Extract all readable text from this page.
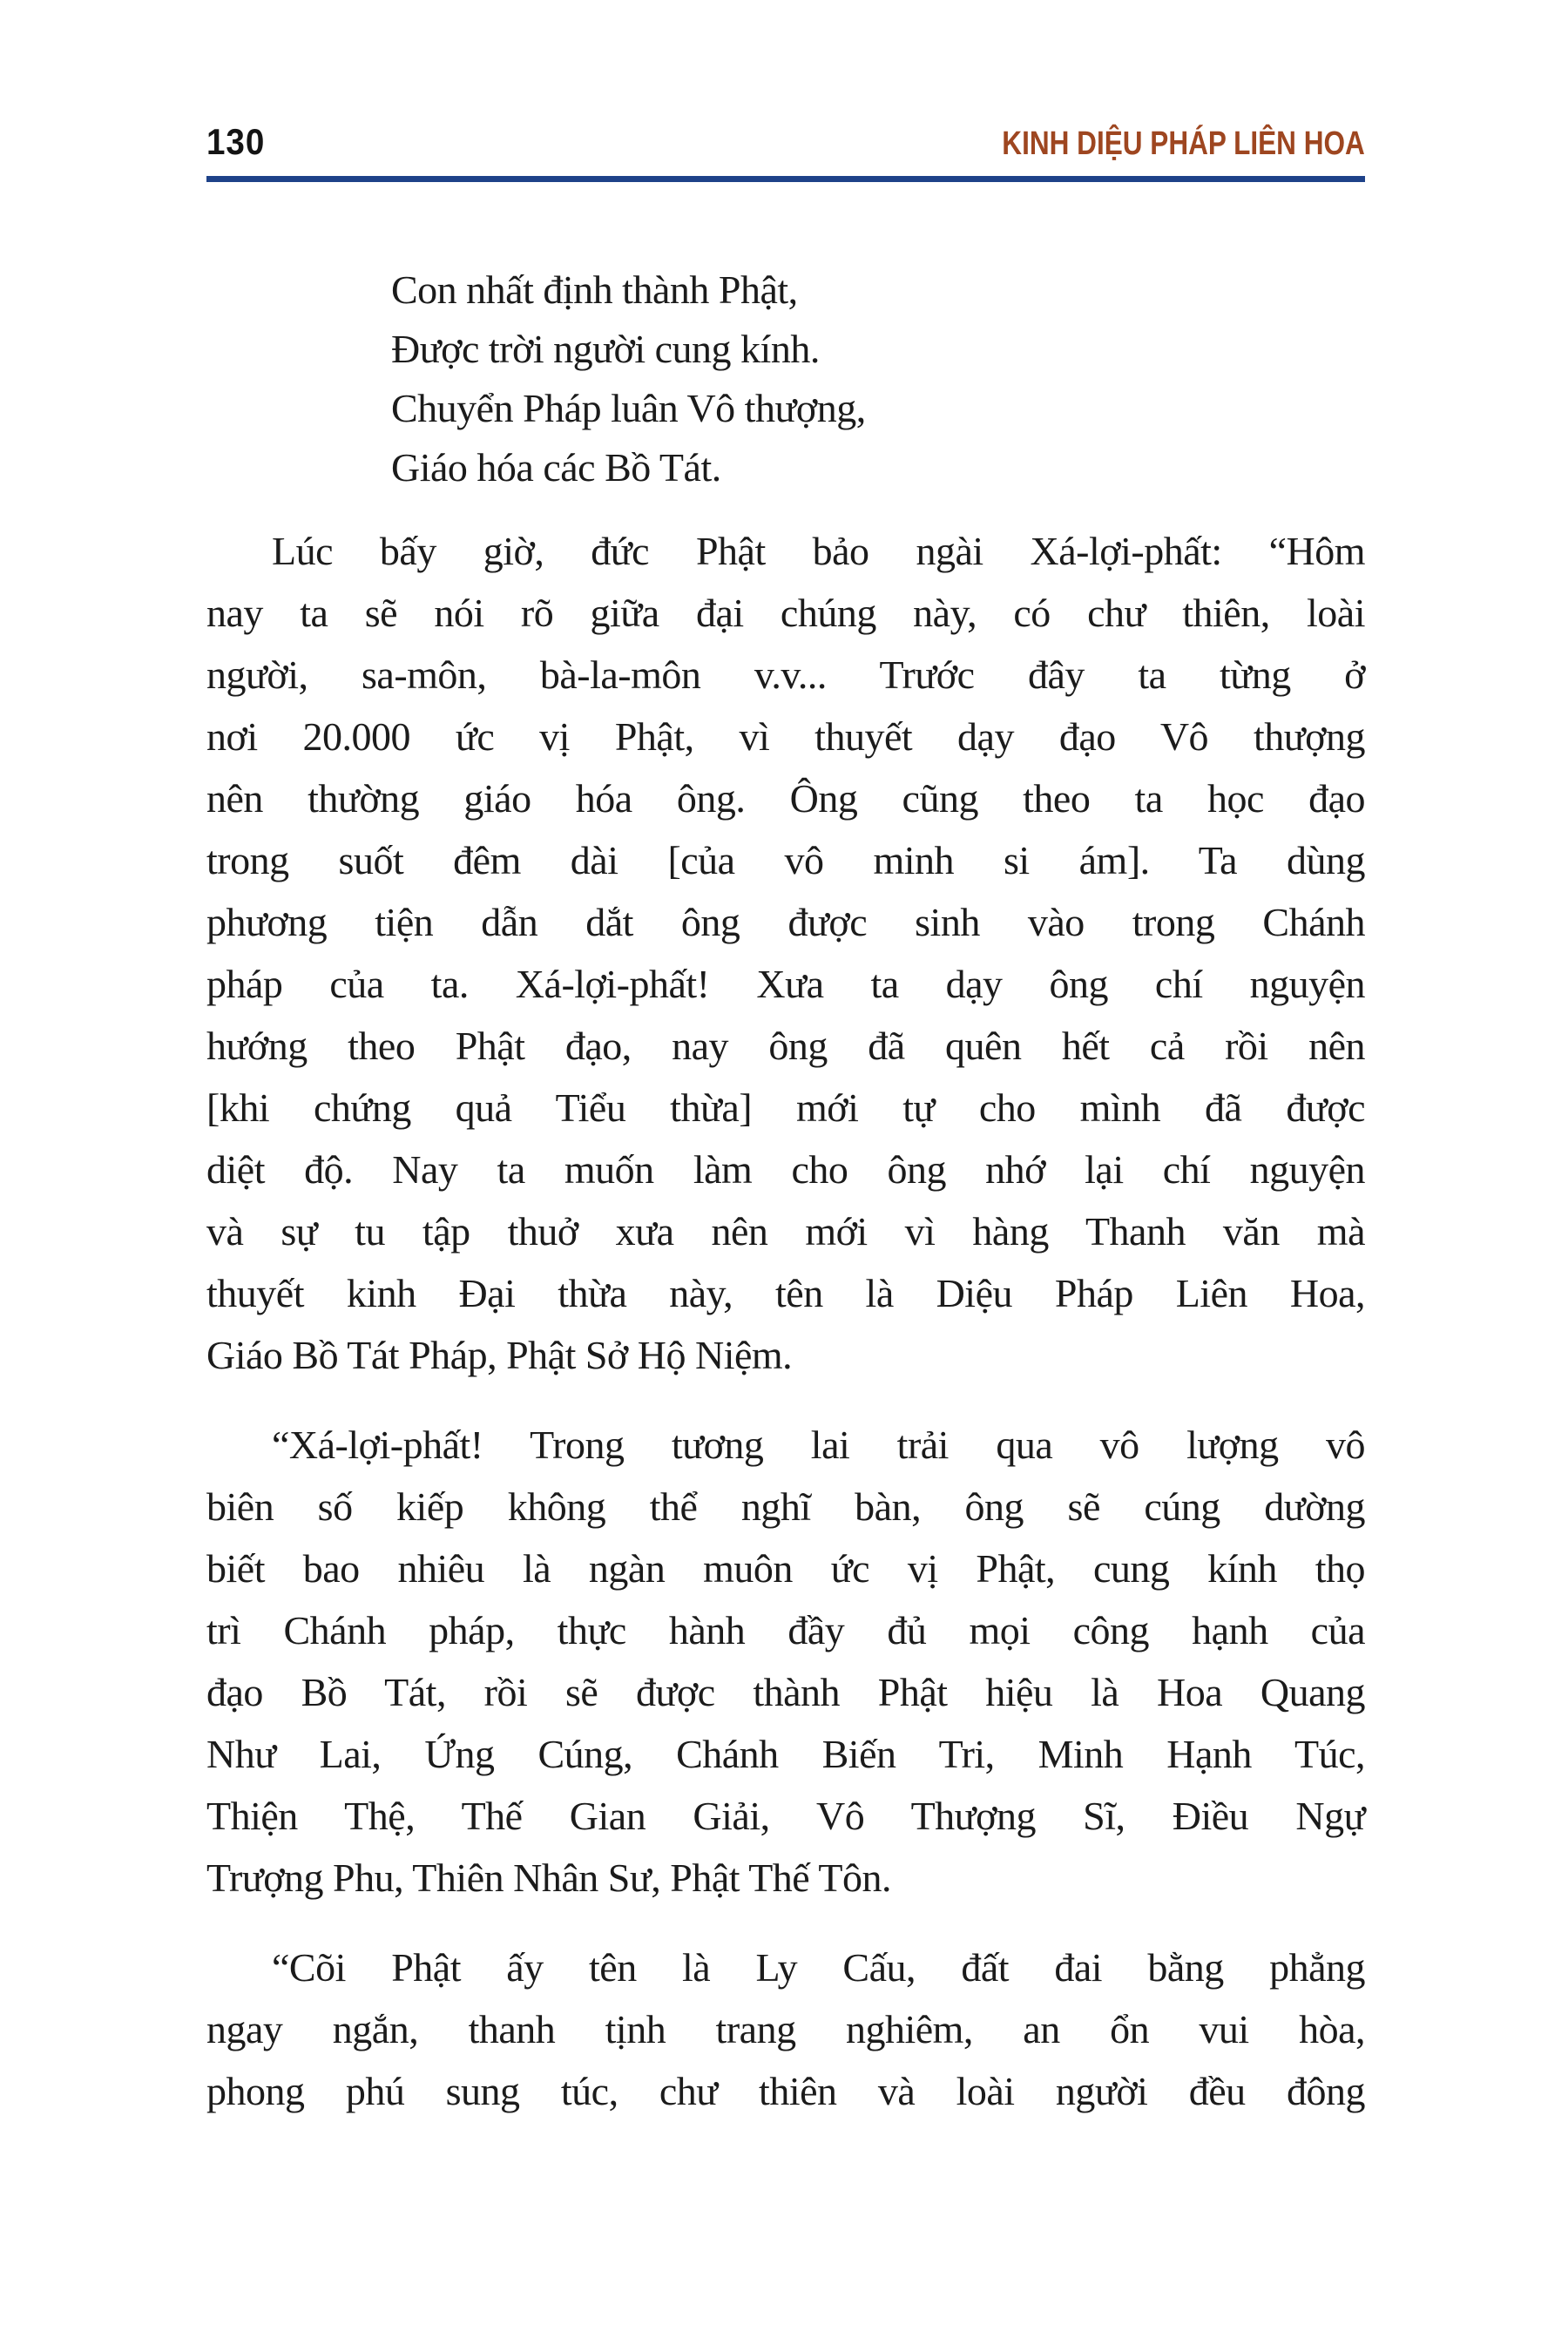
130	KINH DIỆU PHÁP LIÊN HOA
Con nhất định thành Phật,
Được trời người cung kính.
Chuyển Pháp luân Vô thượng,
Giáo hóa các Bồ Tát.
Lúc bấy giờ, đức Phật bảo ngài Xá-lợi-phất: “Hôm
nay ta sẽ nói rõ giữa đại chúng này, có chư thiên, loài
người, sa-môn, bà-la-môn v.v... Trước đây ta từng ở
nơi 20.000 ức vị Phật, vì thuyết dạy đạo Vô thượng
nên thường giáo hóa ông. Ông cũng theo ta học đạo
trong suốt đêm dài [của vô minh si ám]. Ta dùng
phương tiện dẫn dắt ông được sinh vào trong Chánh
pháp của ta. Xá-lợi-phất! Xưa ta dạy ông chí nguyện
hướng theo Phật đạo, nay ông đã quên hết cả rồi nên
[khi chứng quả Tiểu thừa] mới tự cho mình đã được
diệt độ. Nay ta muốn làm cho ông nhớ lại chí nguyện
và sự tu tập thuở xưa nên mới vì hàng Thanh văn mà
thuyết kinh Đại thừa này, tên là Diệu Pháp Liên Hoa,
Giáo Bồ Tát Pháp, Phật Sở Hộ Niệm.
“Xá-lợi-phất! Trong tương lai trải qua vô lượng vô
biên số kiếp không thể nghĩ bàn, ông sẽ cúng dường
biết bao nhiêu là ngàn muôn ức vị Phật, cung kính thọ
trì Chánh pháp, thực hành đầy đủ mọi công hạnh của
đạo Bồ Tát, rồi sẽ được thành Phật hiệu là Hoa Quang
Như Lai, Ứng Cúng, Chánh Biến Tri, Minh Hạnh Túc,
Thiện Thệ, Thế Gian Giải, Vô Thượng Sĩ, Điều Ngự
Trượng Phu, Thiên Nhân Sư, Phật Thế Tôn.
“Cõi Phật ấy tên là Ly Cấu, đất đai bằng phẳng
ngay ngắn, thanh tịnh trang nghiêm, an ổn vui hòa,
phong phú sung túc, chư thiên và loài người đều đông
